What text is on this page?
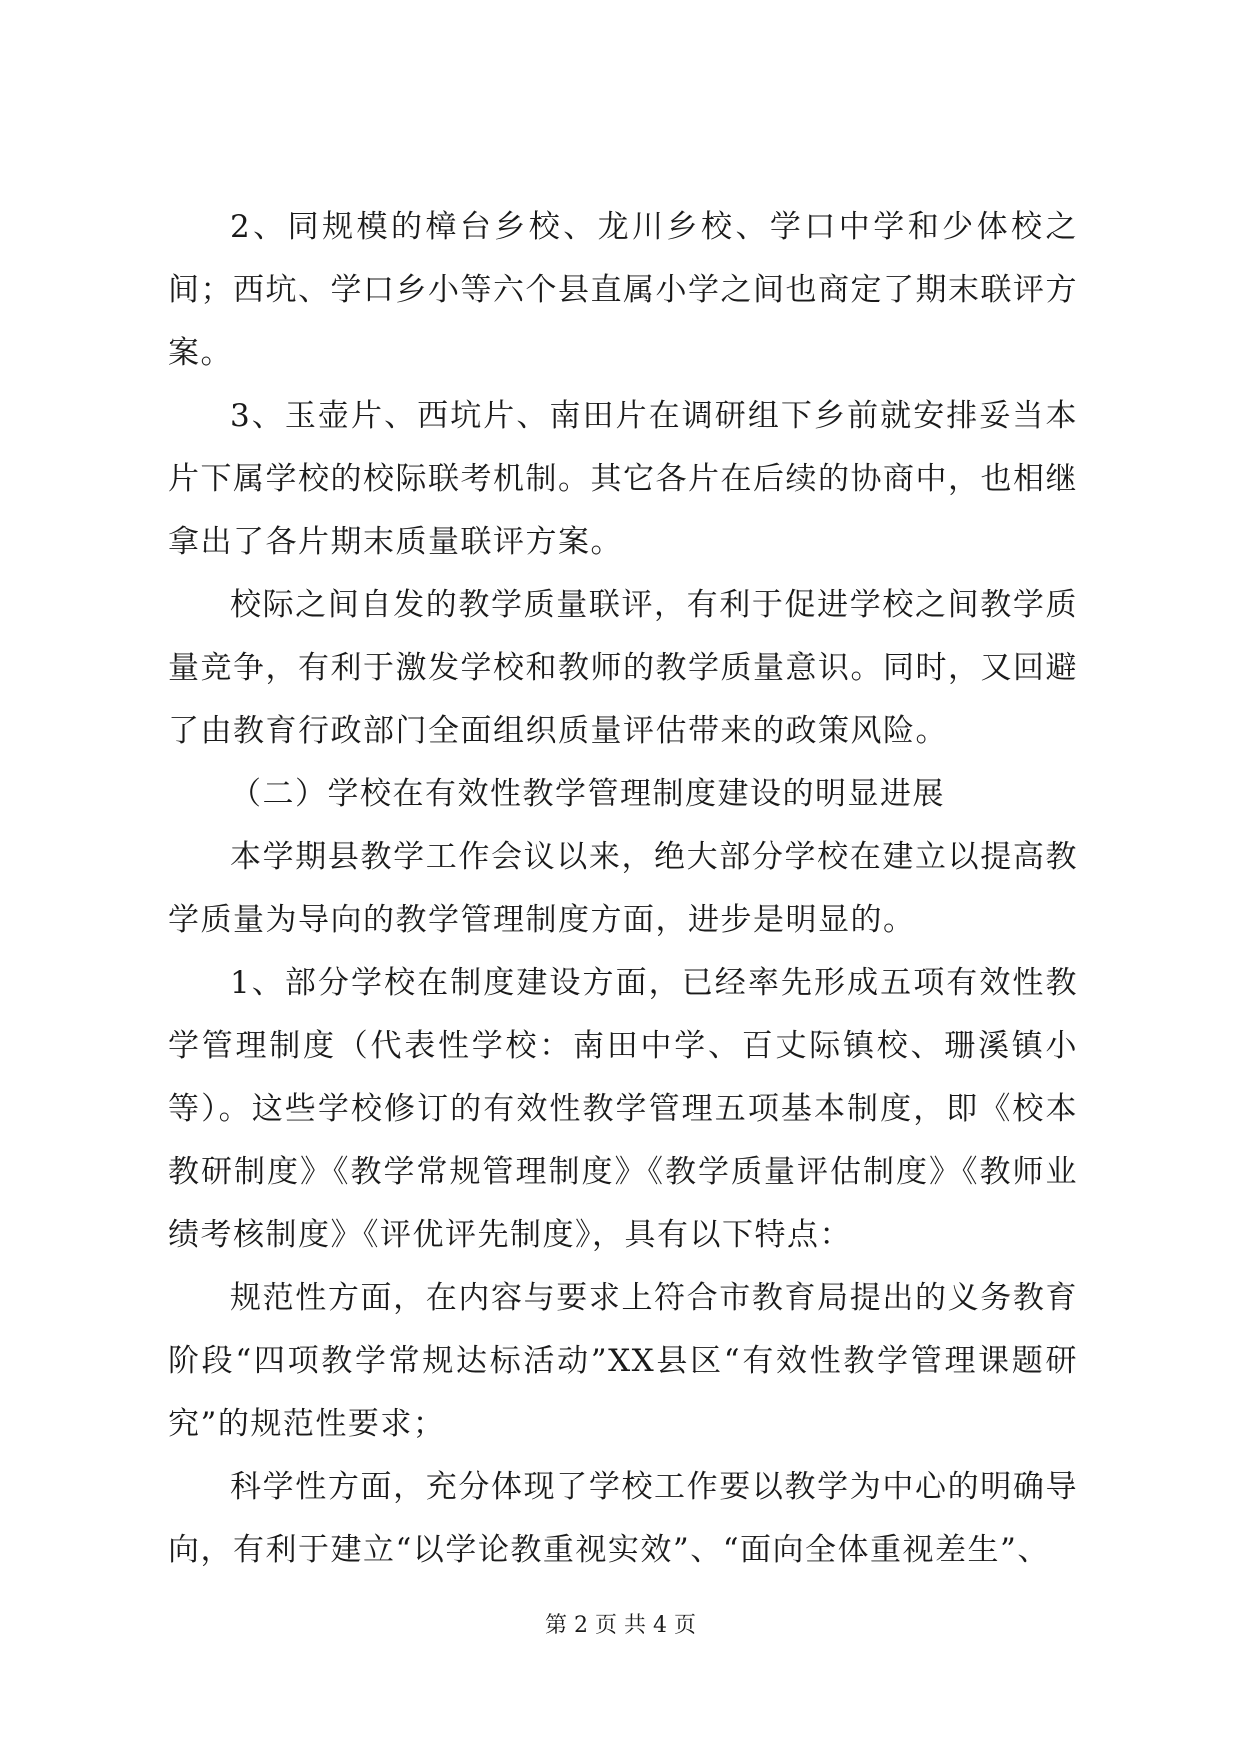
2、同规模的樟台乡校、龙川乡校、学口中学和少体校之间；西坑、学口乡小等六个县直属小学之间也商定了期末联评方案。

3、玉壶片、西坑片、南田片在调研组下乡前就安排妥当本片下属学校的校际联考机制。其它各片在后续的协商中，也相继拿出了各片期末质量联评方案。

校际之间自发的教学质量联评，有利于促进学校之间教学质量竞争，有利于激发学校和教师的教学质量意识。同时，又回避了由教育行政部门全面组织质量评估带来的政策风险。

（二）学校在有效性教学管理制度建设的明显进展

本学期县教学工作会议以来，绝大部分学校在建立以提高教学质量为导向的教学管理制度方面，进步是明显的。

1、部分学校在制度建设方面，已经率先形成五项有效性教学管理制度（代表性学校：南田中学、百丈际镇校、珊溪镇小等）。这些学校修订的有效性教学管理五项基本制度，即《校本教研制度》《教学常规管理制度》《教学质量评估制度》《教师业绩考核制度》《评优评先制度》，具有以下特点：

规范性方面，在内容与要求上符合市教育局提出的义务教育阶段“四项教学常规达标活动”XX县区“有效性教学管理课题研究”的规范性要求；

科学性方面，充分体现了学校工作要以教学为中心的明确导向，有利于建立“以学论教重视实效”、“面向全体重视差生”、

第 2 页 共 4 页
